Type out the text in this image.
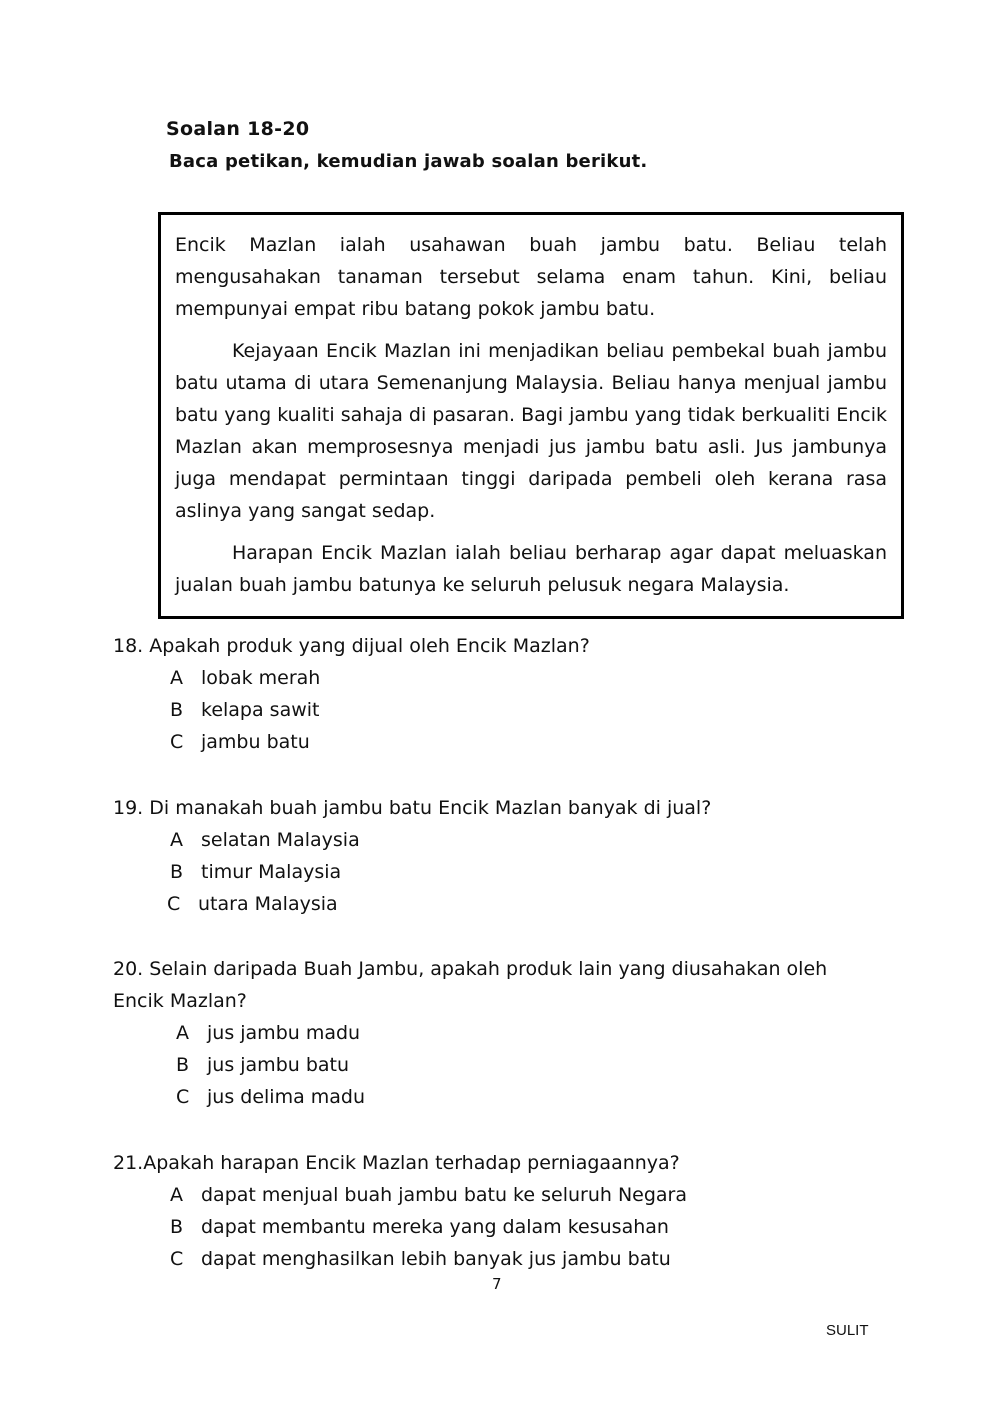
Soalan 18-20
Baca petikan, kemudian jawab soalan berikut.

Encik Mazlan ialah usahawan buah jambu batu. Beliau telah mengusahakan tanaman tersebut selama enam tahun. Kini, beliau mempunyai empat ribu batang pokok jambu batu.

Kejayaan Encik Mazlan ini menjadikan beliau pembekal buah jambu batu utama di utara Semenanjung Malaysia. Beliau hanya menjual jambu batu yang kualiti sahaja di pasaran. Bagi jambu yang tidak berkualiti Encik Mazlan akan memprosesnya menjadi jus jambu batu asli. Jus jambunya juga mendapat permintaan tinggi daripada pembeli oleh kerana rasa aslinya yang sangat sedap.

Harapan Encik Mazlan ialah beliau berharap agar dapat meluaskan jualan buah jambu batunya ke seluruh pelusuk negara Malaysia.

18. Apakah produk yang dijual oleh Encik Mazlan?
A lobak merah
B kelapa sawit
C jambu batu
19. Di manakah buah jambu batu Encik Mazlan banyak di jual?
A selatan Malaysia
B timur Malaysia
C utara Malaysia
20. Selain daripada Buah Jambu, apakah produk lain yang diusahakan oleh Encik Mazlan?
A jus jambu madu
B jus jambu batu
C jus delima madu
21.Apakah harapan Encik Mazlan terhadap perniagaannya?
A dapat menjual buah jambu batu ke seluruh Negara
B dapat membantu mereka yang dalam kesusahan
C dapat menghasilkan lebih banyak jus jambu batu
7
SULIT
